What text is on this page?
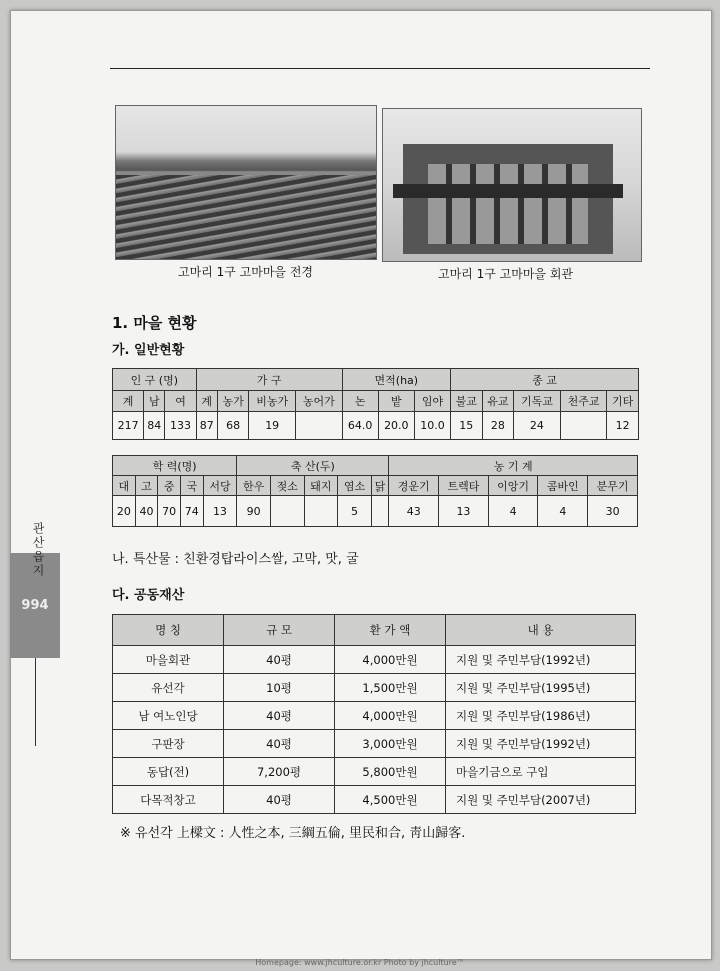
고마리 1구 고마마을 전경	고마리 1구 고마마을 회관
1. 마을 현황
가. 일반현황
인 구 (명)			가 구				면적(ha)			종 교				
계	남	여	계	농가	비농가	농어가	논	밭	임야	불교	유교	기독교	천주교	기타
217	84	133	87	68	19		64.0	20.0	10.0	15	28	24		12
학 력(명)					축 산(두)					농 기 계				
대	고	중	국	서당	한우	젖소	돼지	염소	닭	경운기	트렉타	이앙기	콤바인	분무기
20	40	70	74	13	90			5		43	13	4	4	30
나. 특산물 : 친환경탑라이스쌀, 고막, 맛, 굴
다. 공동재산
명 칭	규 모	환 가 액	내 용
마을회관	40평	4,000만원	지원 및 주민부담(1992년)
유선각	10평	1,500만원	지원 및 주민부담(1995년)
남 여노인당	40평	4,000만원	지원 및 주민부담(1986년)
구판장	40평	3,000만원	지원 및 주민부담(1992년)
동답(전)	7,200평	5,800만원	마을기금으로 구입
다목적창고	40평	4,500만원	지원 및 주민부담(2007년)
※ 유선각 上樑文 : 人性之本, 三綱五倫, 里民和合, 靑山歸客.
관산읍지
994
Homepage: www.jhculture.or.kr Photo by jhculture™
